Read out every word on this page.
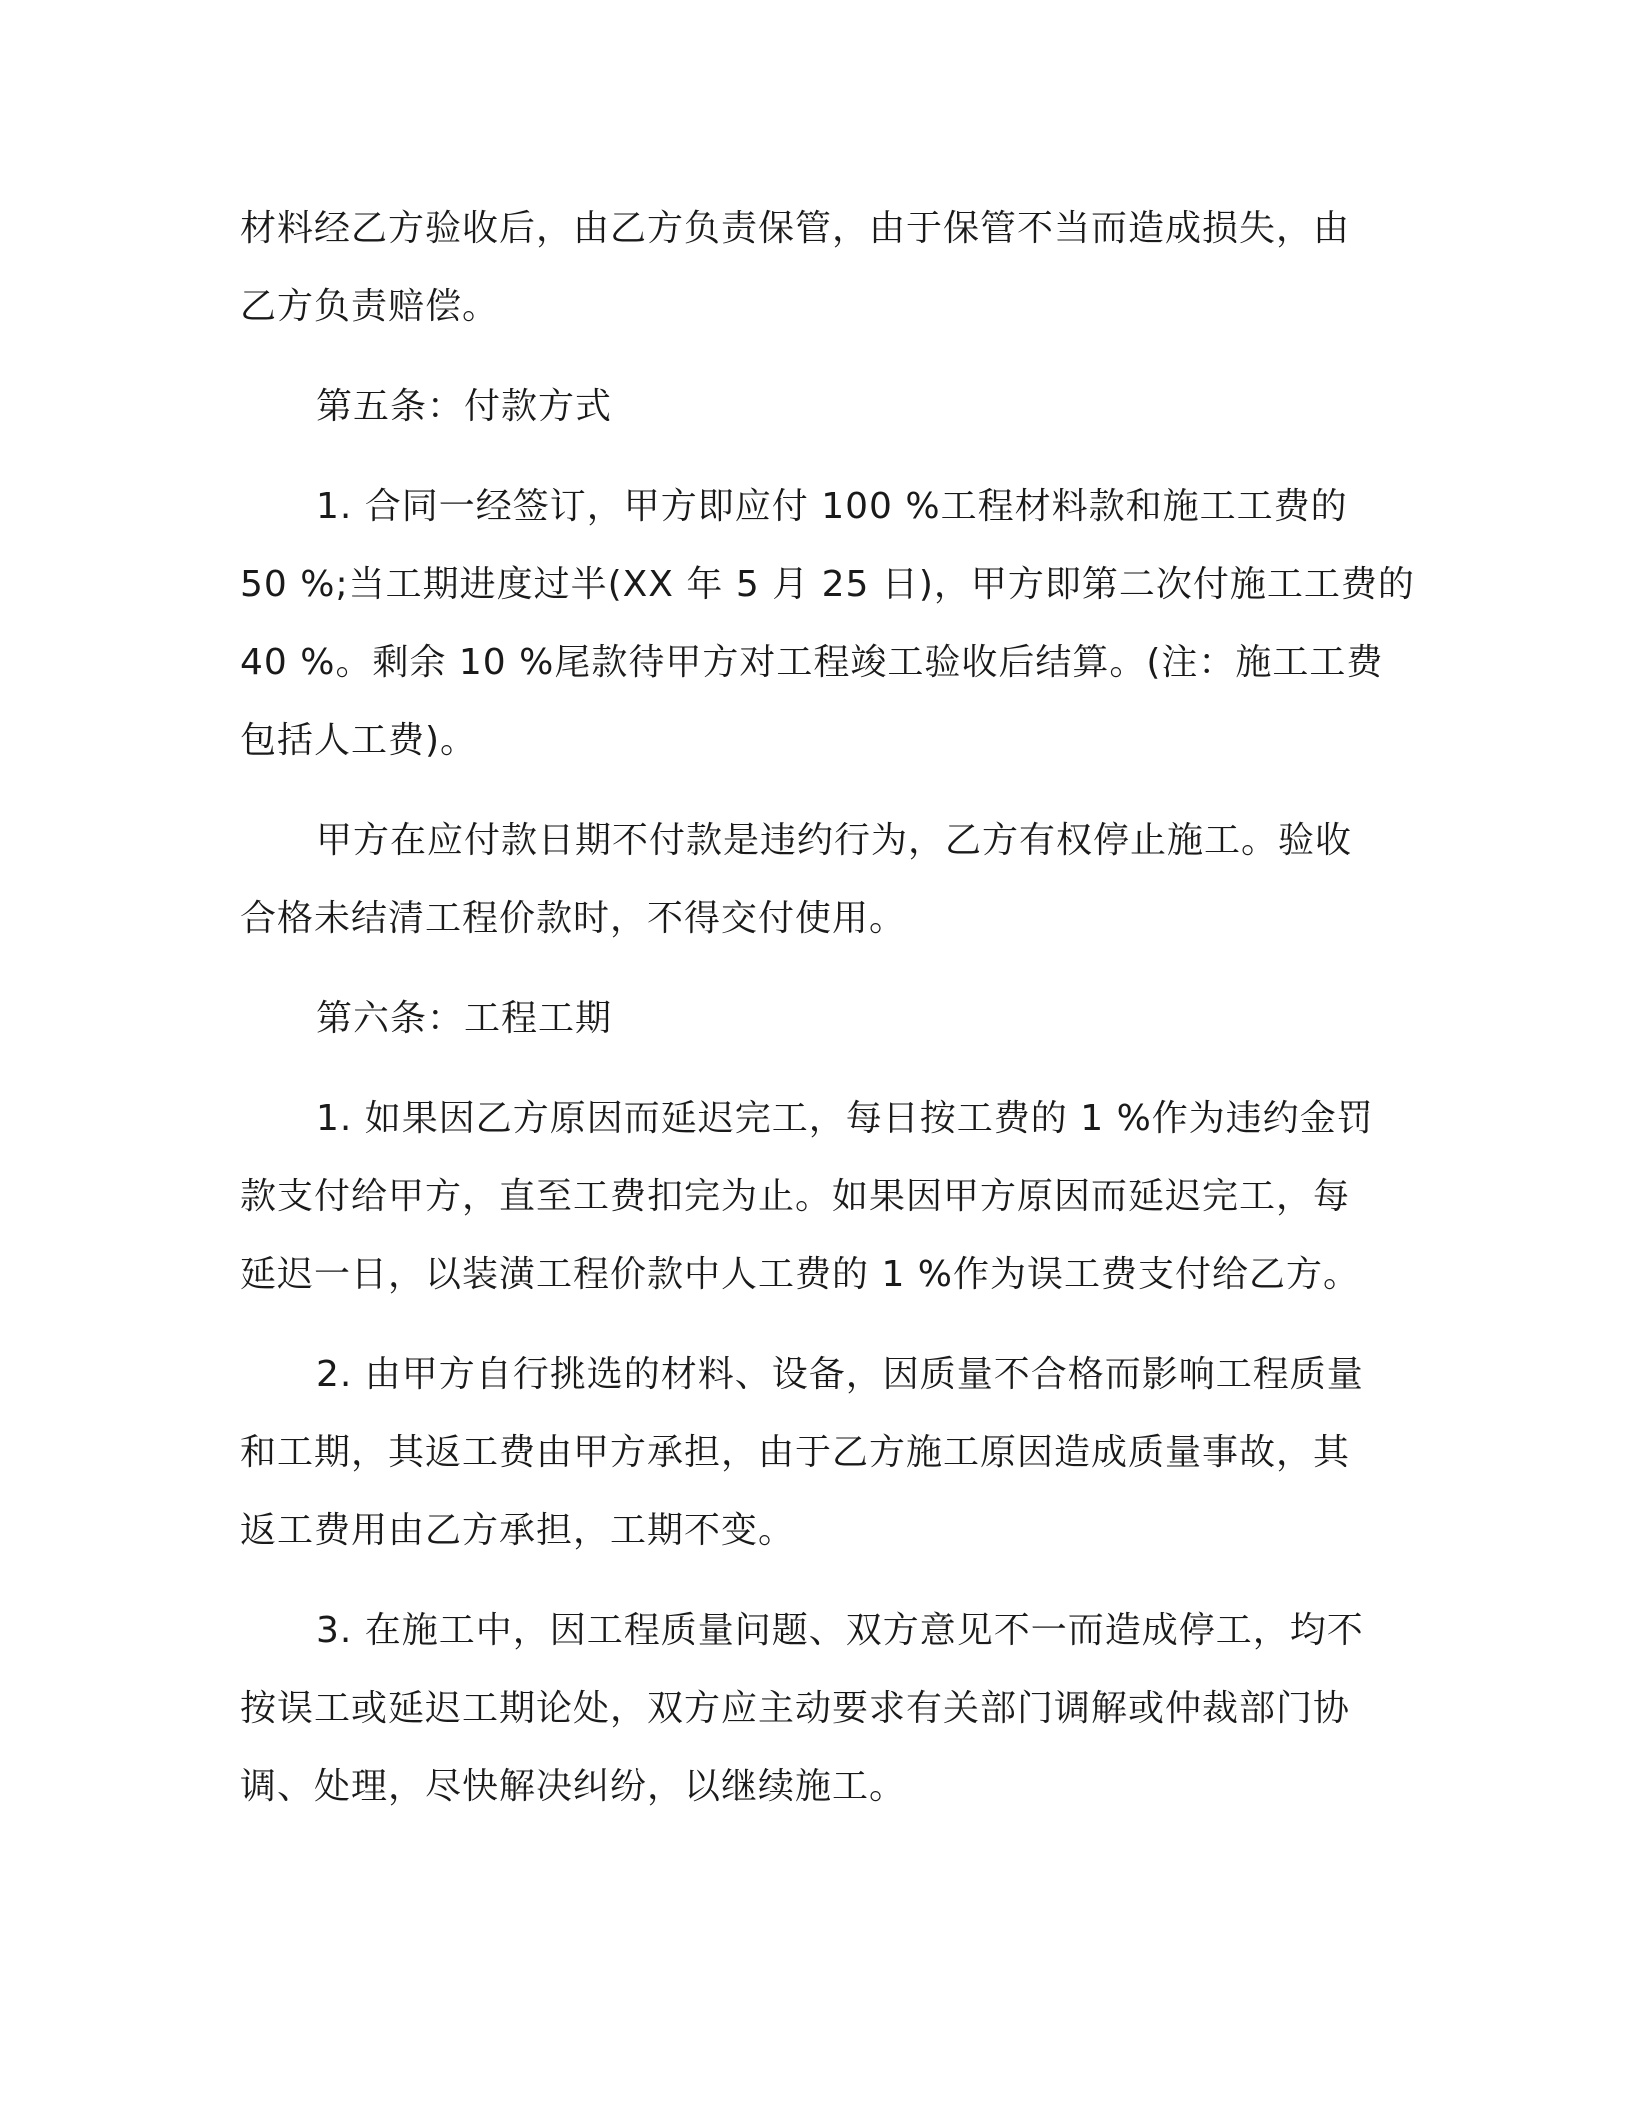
材料经乙方验收后，由乙方负责保管，由于保管不当而造成损失，由
乙方负责赔偿。

第五条：付款方式

1. 合同一经签订，甲方即应付 100 %工程材料款和施工工费的
50 %;当工期进度过半(XX 年 5 月 25 日)，甲方即第二次付施工工费的
40 %。剩余 10 %尾款待甲方对工程竣工验收后结算。(注：施工工费
包括人工费)。

甲方在应付款日期不付款是违约行为，乙方有权停止施工。验收
合格未结清工程价款时，不得交付使用。

第六条：工程工期

1. 如果因乙方原因而延迟完工，每日按工费的 1 %作为违约金罚
款支付给甲方，直至工费扣完为止。如果因甲方原因而延迟完工，每
延迟一日，以装潢工程价款中人工费的 1 %作为误工费支付给乙方。

2. 由甲方自行挑选的材料、设备，因质量不合格而影响工程质量
和工期，其返工费由甲方承担，由于乙方施工原因造成质量事故，其
返工费用由乙方承担，工期不变。

3. 在施工中，因工程质量问题、双方意见不一而造成停工，均不
按误工或延迟工期论处，双方应主动要求有关部门调解或仲裁部门协
调、处理，尽快解决纠纷，以继续施工。
